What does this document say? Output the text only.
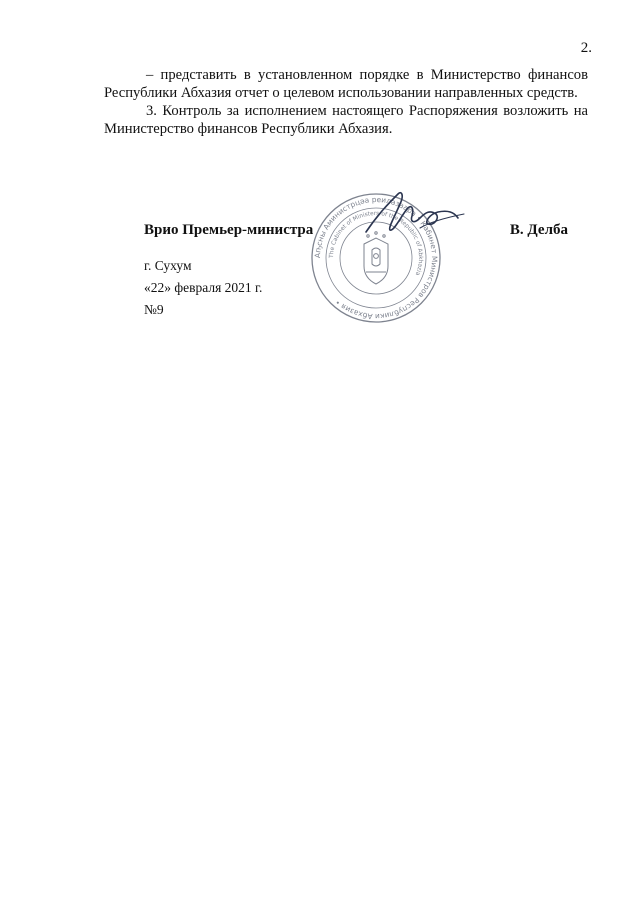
2.

– представить в установленном порядке в Министерство финансов Республики Абхазия отчет о целевом использовании направленных средств.

3. Контроль за исполнением настоящего Распоряжения возложить на Министерство финансов Республики Абхазия.

Аҧсны Аминистрцәа реилазаара • Кабинет Министров Республики Абхазия •
The Cabinet of Ministers of the Republic of Abkhazia
Врио Премьер-министра	В. Делба
г. Сухум
«22» февраля 2021 г.
№9
